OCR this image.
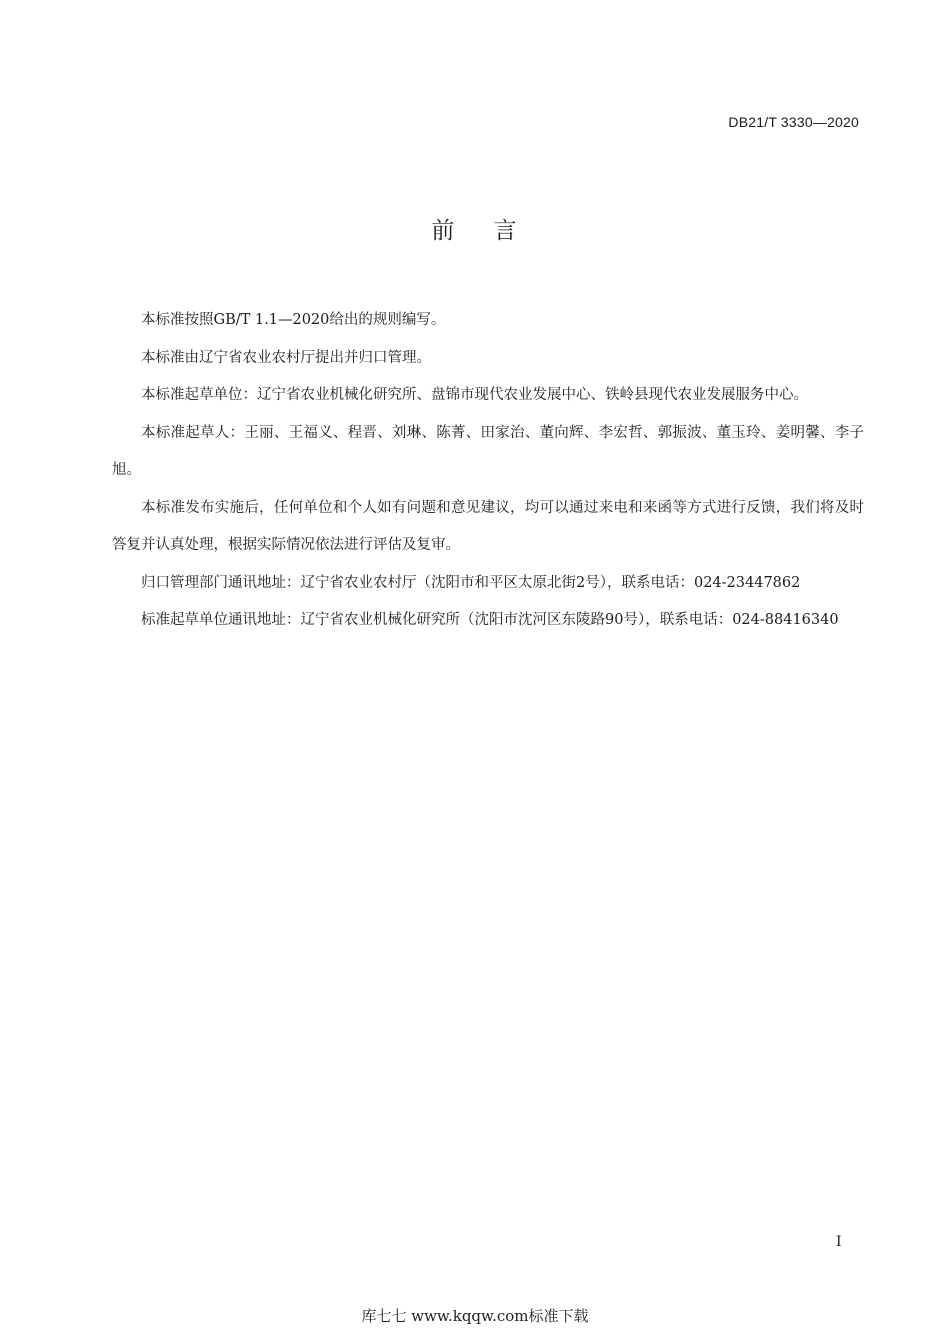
DB21/T 3330—2020
前    言

本标准按照GB/T 1.1—2020给出的规则编写。

本标准由辽宁省农业农村厅提出并归口管理。

本标准起草单位：辽宁省农业机械化研究所、盘锦市现代农业发展中心、铁岭县现代农业发展服务中心。

本标准起草人：王丽、王福义、程晋、刘琳、陈菁、田家治、董向辉、李宏哲、郭振波、董玉玲、姜明馨、李子旭。

本标准发布实施后，任何单位和个人如有问题和意见建议，均可以通过来电和来函等方式进行反馈，我们将及时答复并认真处理，根据实际情况依法进行评估及复审。

归口管理部门通讯地址：辽宁省农业农村厅（沈阳市和平区太原北街2号），联系电话：024-23447862

标准起草单位通讯地址：辽宁省农业机械化研究所（沈阳市沈河区东陵路90号），联系电话：024-88416340

I
库七七 www.kqqw.com标准下载
